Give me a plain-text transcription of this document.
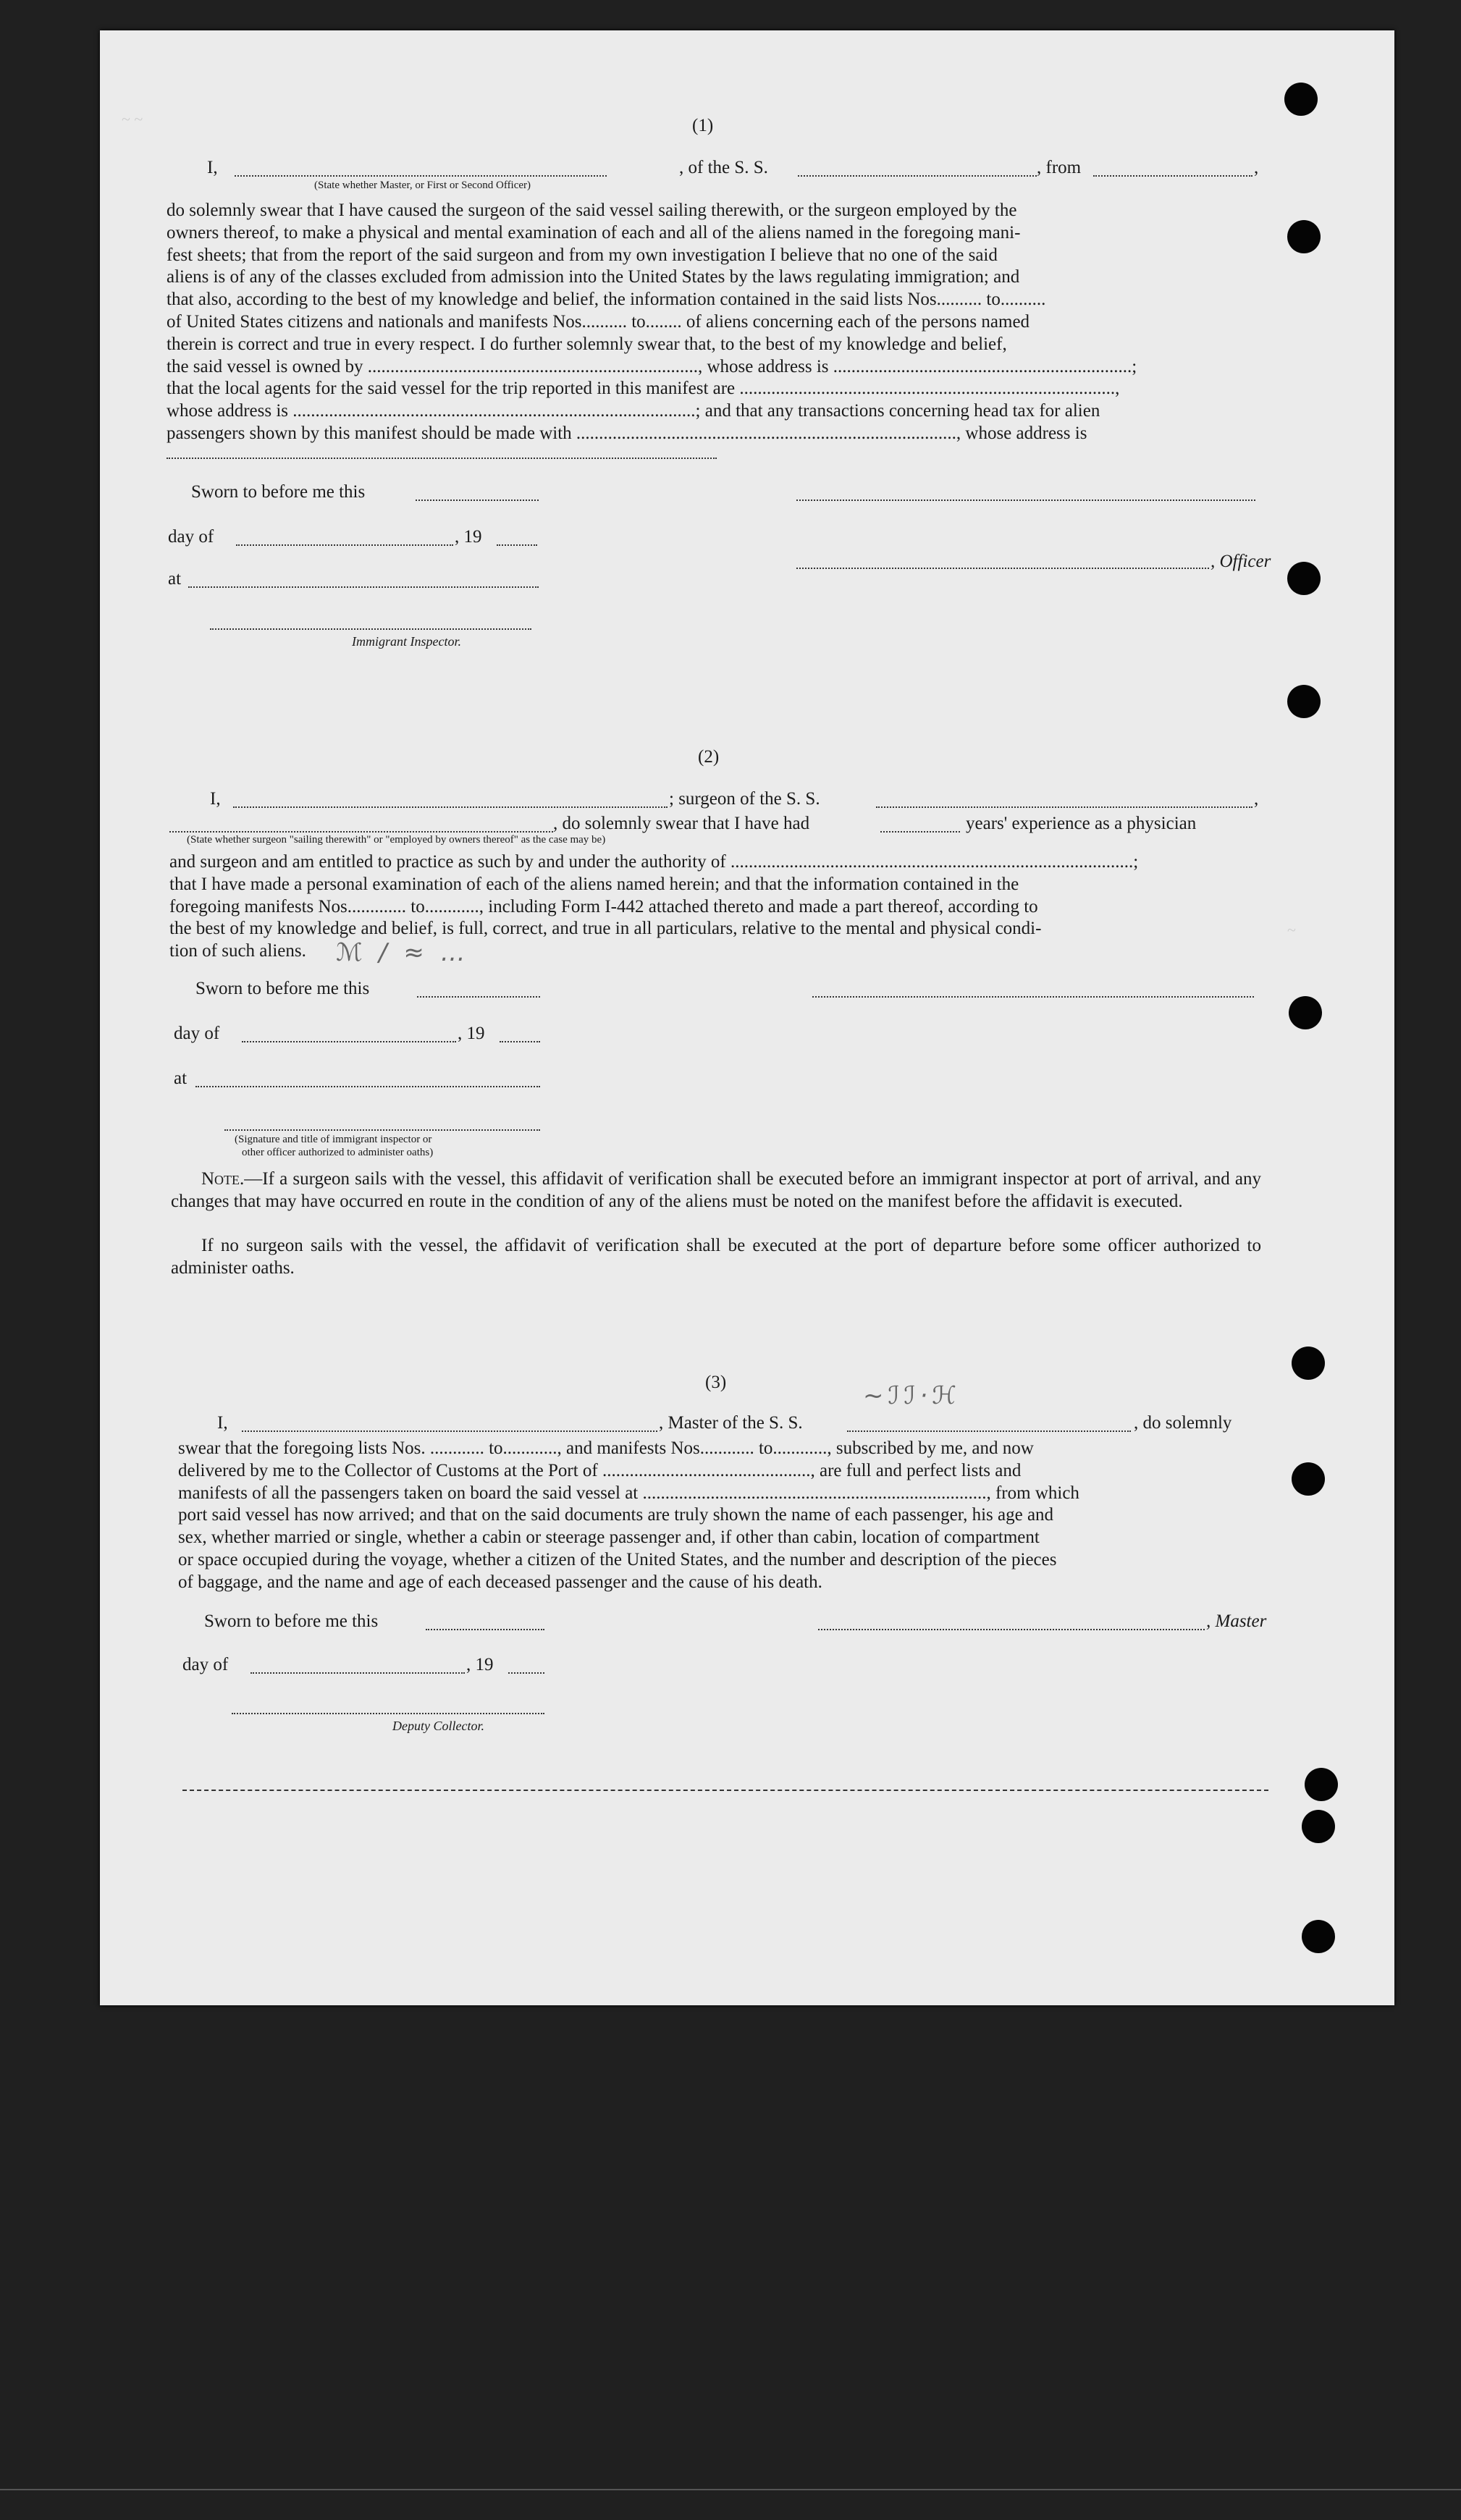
~ ~
~
(1)
I,	, of the S. S.	, from	,
(State whether Master, or First or Second Officer)

do solemnly swear that I have caused the surgeon of the said vessel sailing therewith, or the surgeon employed by the

owners thereof, to make a physical and mental examination of each and all of the aliens named in the foregoing mani-

fest sheets; that from the report of the said surgeon and from my own investigation I believe that no one of the said

aliens is of any of the classes excluded from admission into the United States by the laws regulating immigration; and

that also, according to the best of my knowledge and belief, the information contained in the said lists Nos.......... to..........

of United States citizens and nationals and manifests Nos.......... to........ of aliens concerning each of the persons named

therein is correct and true in every respect. I do further solemnly swear that, to the best of my knowledge and belief,

the said vessel is owned by ........................................................................., whose address is ..................................................................;

that the local agents for the said vessel for the trip reported in this manifest are ...................................................................................,

whose address is .........................................................................................; and that any transactions concerning head tax for alien

passengers shown by this manifest should be made with ...................................................................................., whose address is

Sworn to before me this
day of	, 19
, Officer
at
Immigrant Inspector.
(2)
I,	; surgeon of the S. S.	,
, do solemnly swear that I have had	years' experience as a physician
(State whether surgeon "sailing therewith" or "employed by owners thereof" as the case may be)

and surgeon and am entitled to practice as such by and under the authority of .........................................................................................;

that I have made a personal examination of each of the aliens named herein; and that the information contained in the

foregoing manifests Nos............. to............, including Form I-442 attached thereto and made a part thereof, according to

the best of my knowledge and belief, is full, correct, and true in all particulars, relative to the mental and physical condi-

tion of such aliens.	ℳ ∕ ≈ …
Sworn to before me this
day of	, 19
at
(Signature and title of immigrant inspector or
other officer authorized to administer oaths)
Note.—If a surgeon sails with the vessel, this affidavit of verification shall be executed before an immigrant inspector at port of arrival, and any changes that may have occurred en route in the condition of any of the aliens must be noted on the manifest before the affidavit is executed.
If no surgeon sails with the vessel, the affidavit of verification shall be executed at the port of departure before some officer authorized to administer oaths.
(3)
I,	, Master of the S. S.
~ℐℐ·ℋ
, do solemnly

swear that the foregoing lists Nos. ............ to............, and manifests Nos............ to............, subscribed by me, and now

delivered by me to the Collector of Customs at the Port of .............................................., are full and perfect lists and

manifests of all the passengers taken on board the said vessel at ............................................................................, from which

port said vessel has now arrived; and that on the said documents are truly shown the name of each passenger, his age and

sex, whether married or single, whether a cabin or steerage passenger and, if other than cabin, location of compartment

or space occupied during the voyage, whether a citizen of the United States, and the number and description of the pieces

of baggage, and the name and age of each deceased passenger and the cause of his death.

Sworn to before me this	, Master
day of	, 19
Deputy Collector.
